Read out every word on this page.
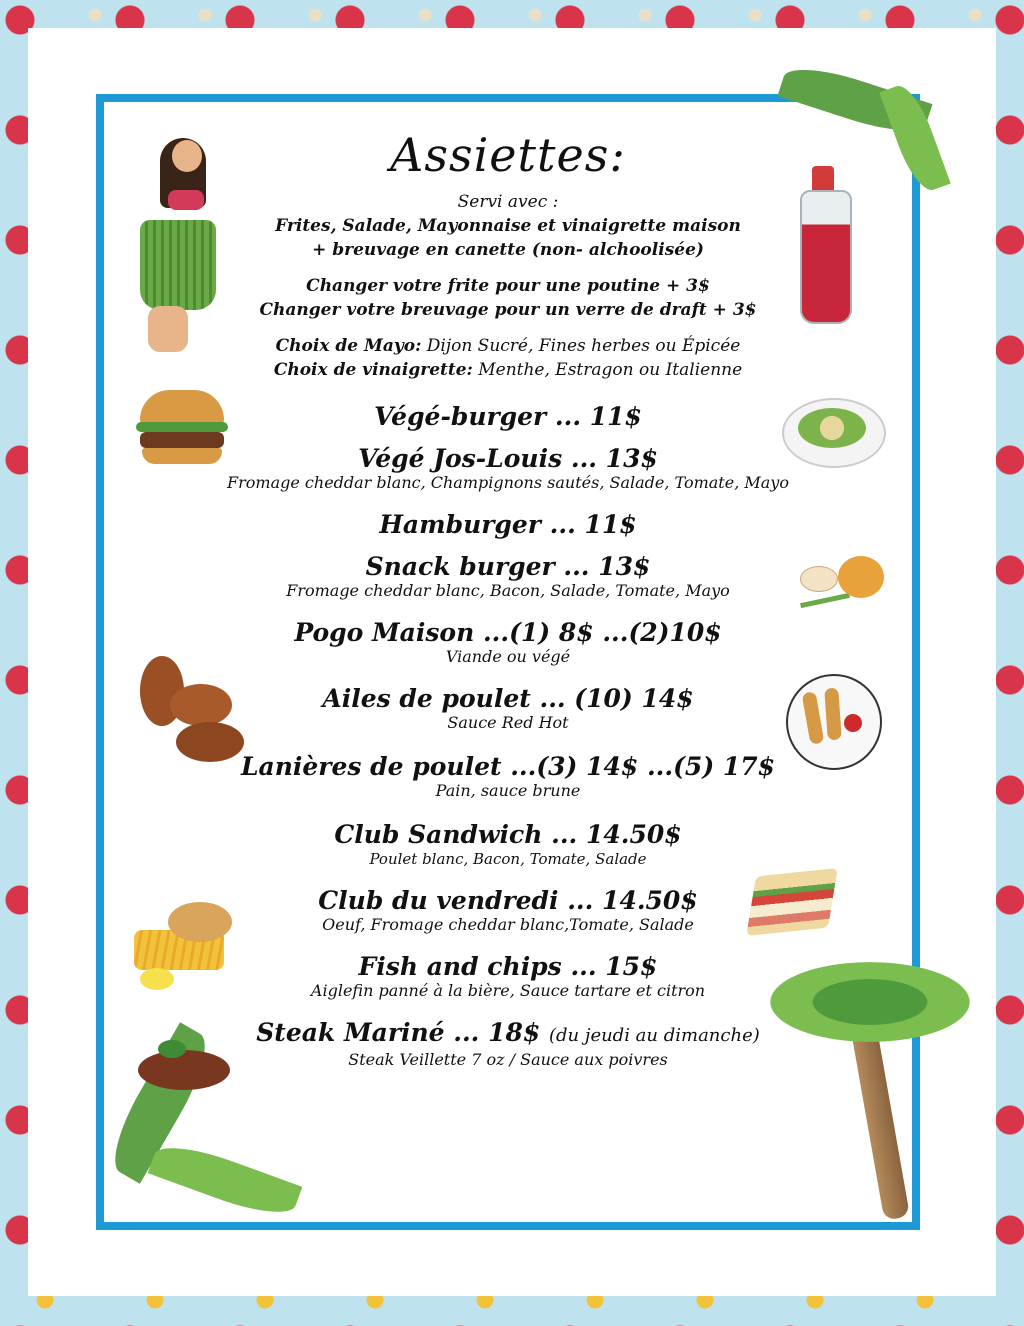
Assiettes:

Servi avec :

Frites, Salade, Mayonnaise et vinaigrette maison

+ breuvage en canette (non- alchoolisée)

Changer votre frite pour une poutine + 3$

Changer votre breuvage pour un verre de draft + 3$

Choix de Mayo: Dijon Sucré, Fines herbes ou Épicée

Choix de vinaigrette: Menthe, Estragon ou Italienne

Végé-burger ... 11$
Végé Jos-Louis ... 13$
Fromage cheddar blanc, Champignons sautés, Salade, Tomate, Mayo
Hamburger ... 11$
Snack burger ... 13$
Fromage cheddar blanc, Bacon, Salade, Tomate, Mayo
Pogo Maison ...(1) 8$ ...(2)10$
Viande ou végé
Ailes de poulet ... (10) 14$
Sauce Red Hot
Lanières de poulet ...(3) 14$ ...(5) 17$
Pain, sauce brune
Club Sandwich ... 14.50$
Poulet blanc, Bacon, Tomate, Salade
Club du vendredi ... 14.50$
Oeuf, Fromage cheddar blanc,Tomate, Salade
Fish and chips ... 15$
Aiglefin panné à la bière, Sauce tartare et citron
Steak Mariné ... 18$ (du jeudi au dimanche)
Steak Veillette 7 oz / Sauce aux poivres
